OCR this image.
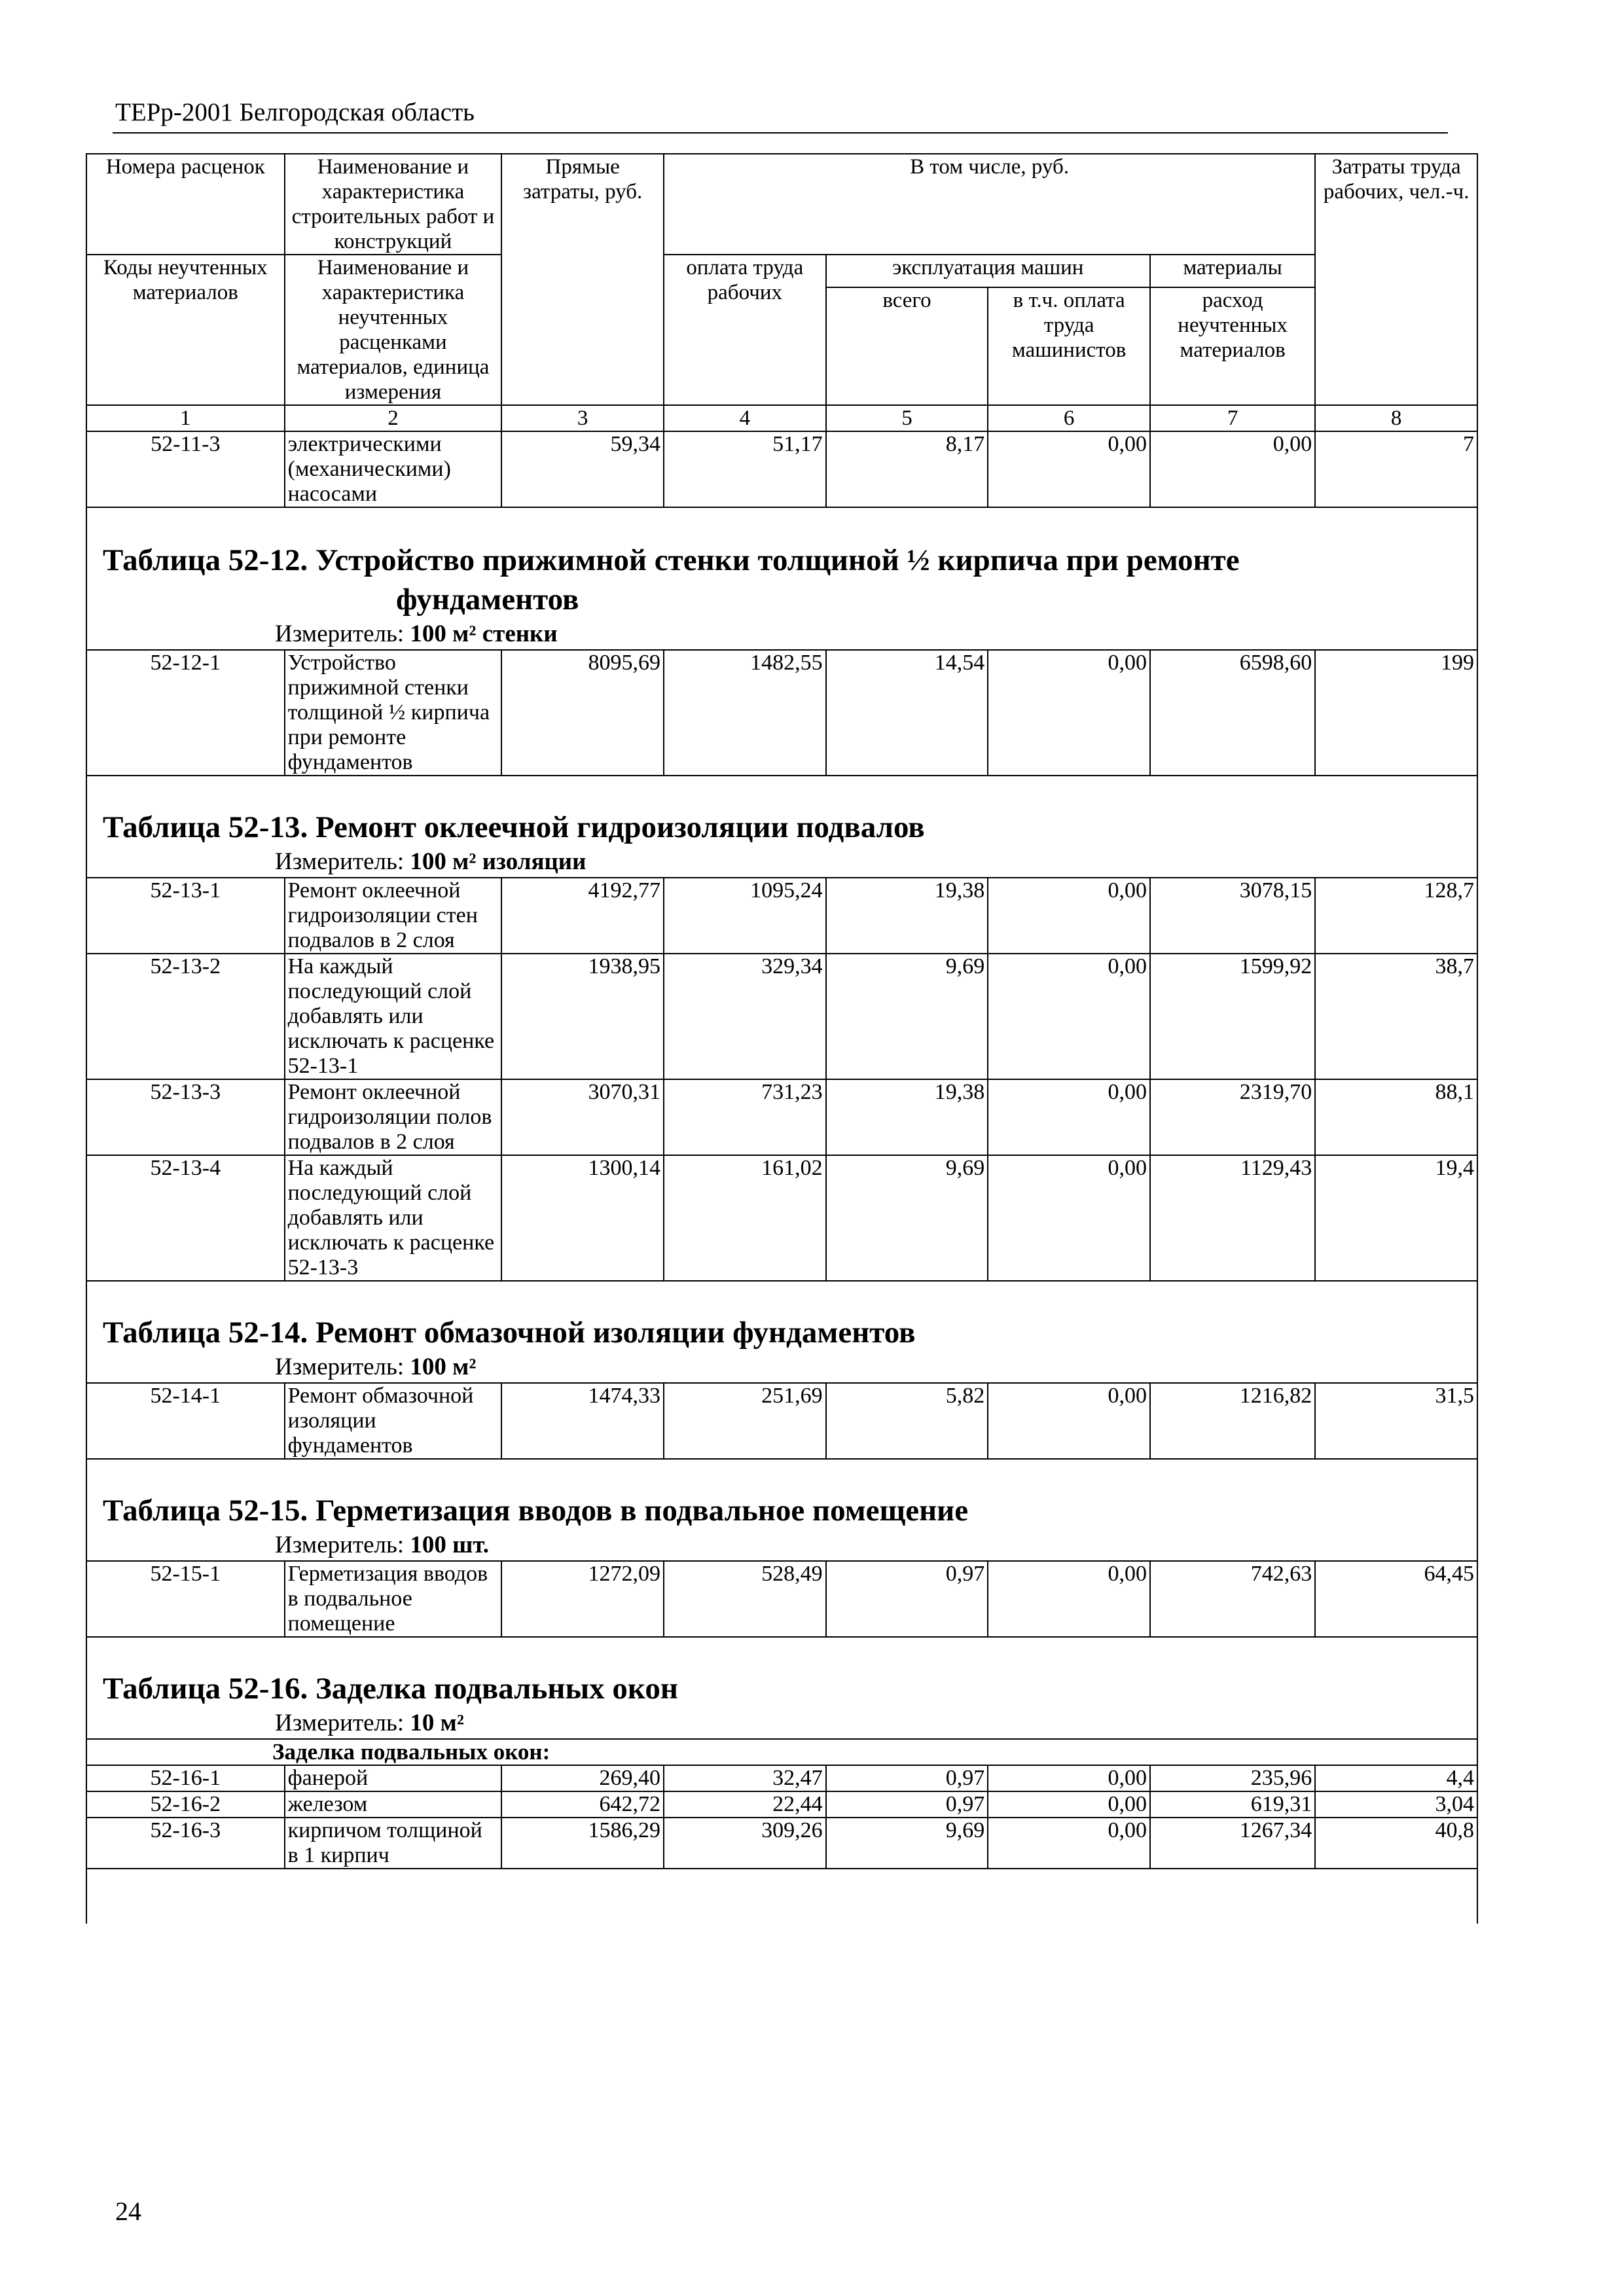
ТЕРр-2001 Белгородская область
Номера расценок	Наименование и характеристика строительных работ и конструкций	Прямые затраты, руб.	В том числе, руб.				Затраты труда рабочих, чел.-ч.
Коды неучтенных материалов	Наименование и характеристика неучтенных расценками материалов, единица измерения		оплата труда рабочих	эксплуатация машин		материалы	
				всего	в т.ч. оплата труда машинистов	расход неучтенных материалов	
1	2	3	4	5	6	7	8
52-11-3	электрическими (механическими) насосами	59,34	51,17	8,17	0,00	0,00	7

Таблица 52-12. Устройство прижимной стенки толщиной ½ кирпича при ремонте
фундаментов
Измеритель: 100 м² стенки							

52-12-1	Устройство прижимной стенки толщиной ½ кирпича при ремонте фундаментов	8095,69	1482,55	14,54	0,00	6598,60	199

Таблица 52-13. Ремонт оклеечной гидроизоляции подвалов
Измеритель: 100 м² изоляции							

52-13-1	Ремонт оклеечной гидроизоляции стен подвалов в 2 слоя	4192,77	1095,24	19,38	0,00	3078,15	128,7
52-13-2	На каждый последующий слой добавлять или исключать к расценке 52-13-1	1938,95	329,34	9,69	0,00	1599,92	38,7
52-13-3	Ремонт оклеечной гидроизоляции полов подвалов в 2 слоя	3070,31	731,23	19,38	0,00	2319,70	88,1
52-13-4	На каждый последующий слой добавлять или исключать к расценке 52-13-3	1300,14	161,02	9,69	0,00	1129,43	19,4

Таблица 52-14. Ремонт обмазочной изоляции фундаментов
Измеритель: 100 м²							

52-14-1	Ремонт обмазочной изоляции фундаментов	1474,33	251,69	5,82	0,00	1216,82	31,5

Таблица 52-15. Герметизация вводов в подвальное помещение
Измеритель: 100 шт.							

52-15-1	Герметизация вводов в подвальное помещение	1272,09	528,49	0,97	0,00	742,63	64,45

Таблица 52-16. Заделка подвальных окон
Измеритель: 10 м²							

Заделка подвальных окон:							
52-16-1	фанерой	269,40	32,47	0,97	0,00	235,96	4,4
52-16-2	железом	642,72	22,44	0,97	0,00	619,31	3,04
52-16-3	кирпичом толщиной в 1 кирпич	1586,29	309,26	9,69	0,00	1267,34	40,8

24
